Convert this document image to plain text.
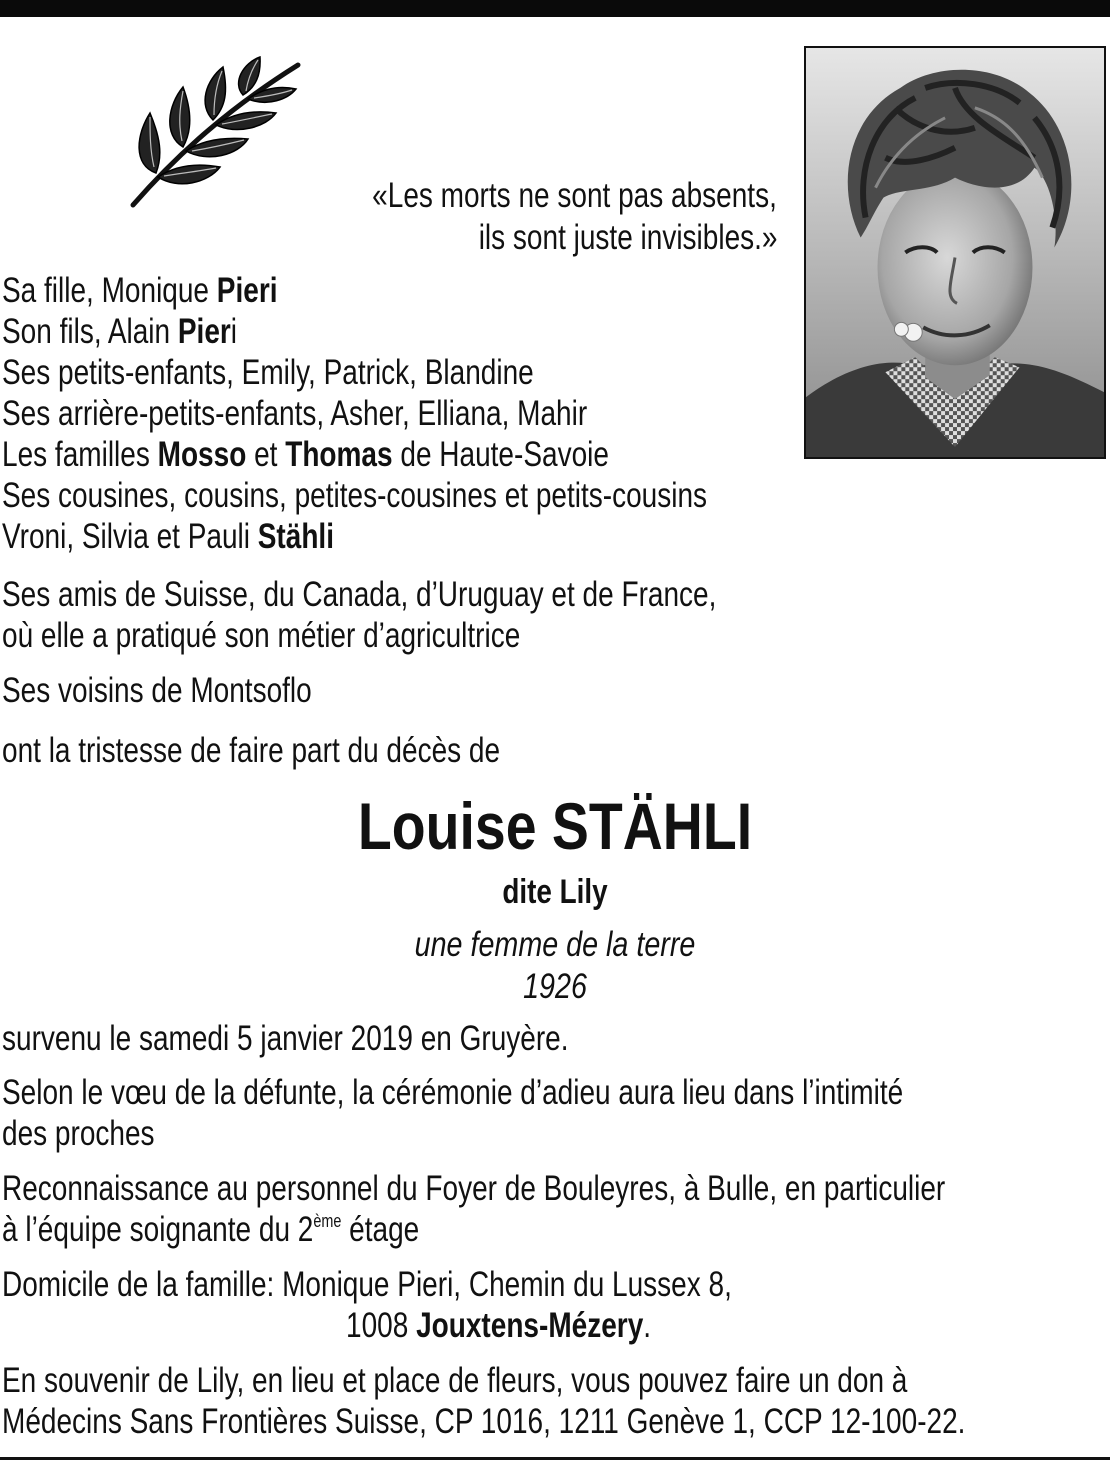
«Les morts ne sont pas absents,
ils sont juste invisibles.»
Sa fille, Monique Pieri
Son fils, Alain Pieri
Ses petits-enfants, Emily, Patrick, Blandine
Ses arrière-petits-enfants, Asher, Elliana, Mahir
Les familles Mosso et Thomas de Haute-Savoie
Ses cousines, cousins, petites-cousines et petits-cousins
Vroni, Silvia et Pauli Stähli
Ses amis de Suisse, du Canada, d’Uruguay et de France,
où elle a pratiqué son métier d’agricultrice
Ses voisins de Montsoflo
ont la tristesse de faire part du décès de
Louise STÄHLI
dite Lily
une femme de la terre
1926
survenu le samedi 5 janvier 2019 en Gruyère.
Selon le vœu de la défunte, la cérémonie d’adieu aura lieu dans l’intimité
des proches
Reconnaissance au personnel du Foyer de Bouleyres, à Bulle, en particulier
à l’équipe soignante du 2ème étage
Domicile de la famille: Monique Pieri, Chemin du Lussex 8,
1008 Jouxtens-Mézery.
En souvenir de Lily, en lieu et place de fleurs, vous pouvez faire un don à
Médecins Sans Frontières Suisse, CP 1016, 1211 Genève 1, CCP 12-100-22.
